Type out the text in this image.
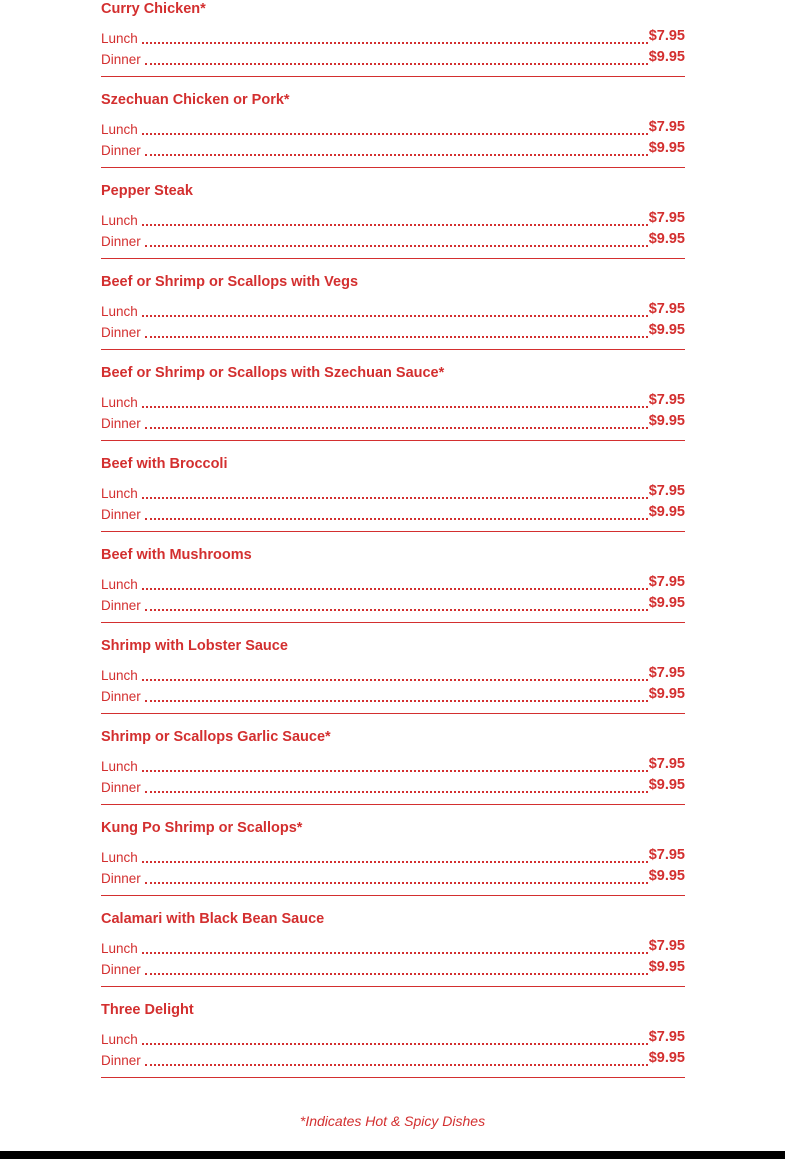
Curry Chicken*
Lunch	$7.95
Dinner	$9.95
Szechuan Chicken or Pork*
Lunch	$7.95
Dinner	$9.95
Pepper Steak
Lunch	$7.95
Dinner	$9.95
Beef or Shrimp or Scallops with Vegs
Lunch	$7.95
Dinner	$9.95
Beef or Shrimp or Scallops with Szechuan Sauce*
Lunch	$7.95
Dinner	$9.95
Beef with Broccoli
Lunch	$7.95
Dinner	$9.95
Beef with Mushrooms
Lunch	$7.95
Dinner	$9.95
Shrimp with Lobster Sauce
Lunch	$7.95
Dinner	$9.95
Shrimp or Scallops Garlic Sauce*
Lunch	$7.95
Dinner	$9.95
Kung Po Shrimp or Scallops*
Lunch	$7.95
Dinner	$9.95
Calamari with Black Bean Sauce
Lunch	$7.95
Dinner	$9.95
Three Delight
Lunch	$7.95
Dinner	$9.95
*Indicates Hot & Spicy Dishes
